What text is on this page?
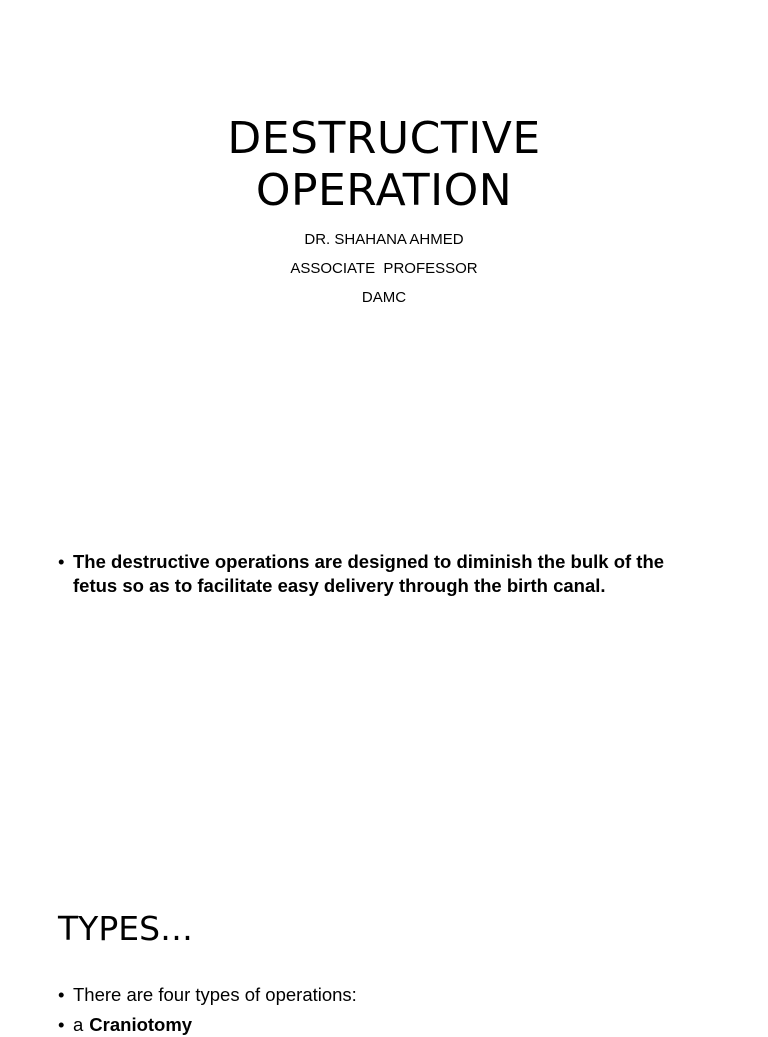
DESTRUCTIVE
OPERATION
DR. SHAHANA AHMED
ASSOCIATE  PROFESSOR
DAMC
• The destructive operations are designed to diminish the bulk of the fetus so as to facilitate easy delivery through the birth canal.
TYPES…
• There are four types of operations:
• a Craniotomy
